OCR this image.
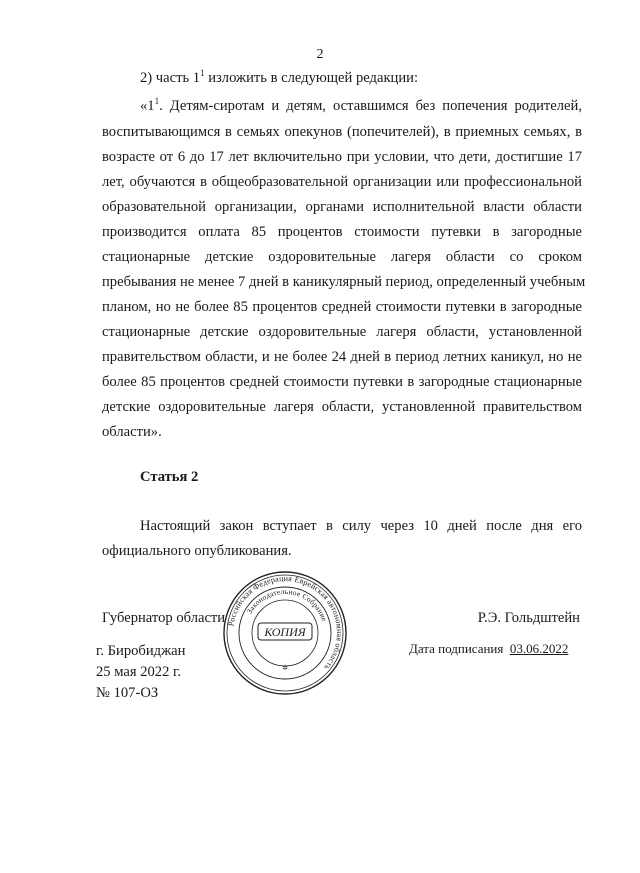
2
2) часть $1^1$ изложить в следующей редакции:
«$1^1$. Детям-сиротам и детям, оставшимся без попечения родителей,
воспитывающимся в семьях опекунов (попечителей), в приемных семьях, в
возрасте от 6 до 17 лет включительно при условии, что дети, достигшие 17
лет, обучаются в общеобразовательной организации или профессиональной
образовательной организации, органами исполнительной власти области
производится оплата 85 процентов стоимости путевки в загородные
стационарные детские оздоровительные лагеря области со сроком
пребывания не менее 7 дней в каникулярный период, определенный учебным
планом, но не более 85 процентов средней стоимости путевки в загородные
стационарные детские оздоровительные лагеря области, установленной
правительством области, и не более 24 дней в период летних каникул, но не
более 85 процентов средней стоимости путевки в загородные стационарные
детские оздоровительные лагеря области, установленной правительством
области».
Статья 2
Настоящий закон вступает в силу через 10 дней после дня его
официального опубликования.
Российская Федерация Еврейская автономная область
Законодательное Собрание
КОПИЯ
✲
Губернатор области	Р.Э. Гольдштейн
г. Биробиджан
25 мая 2022 г.
№ 107-ОЗ
Дата подписания 03.06.2022
